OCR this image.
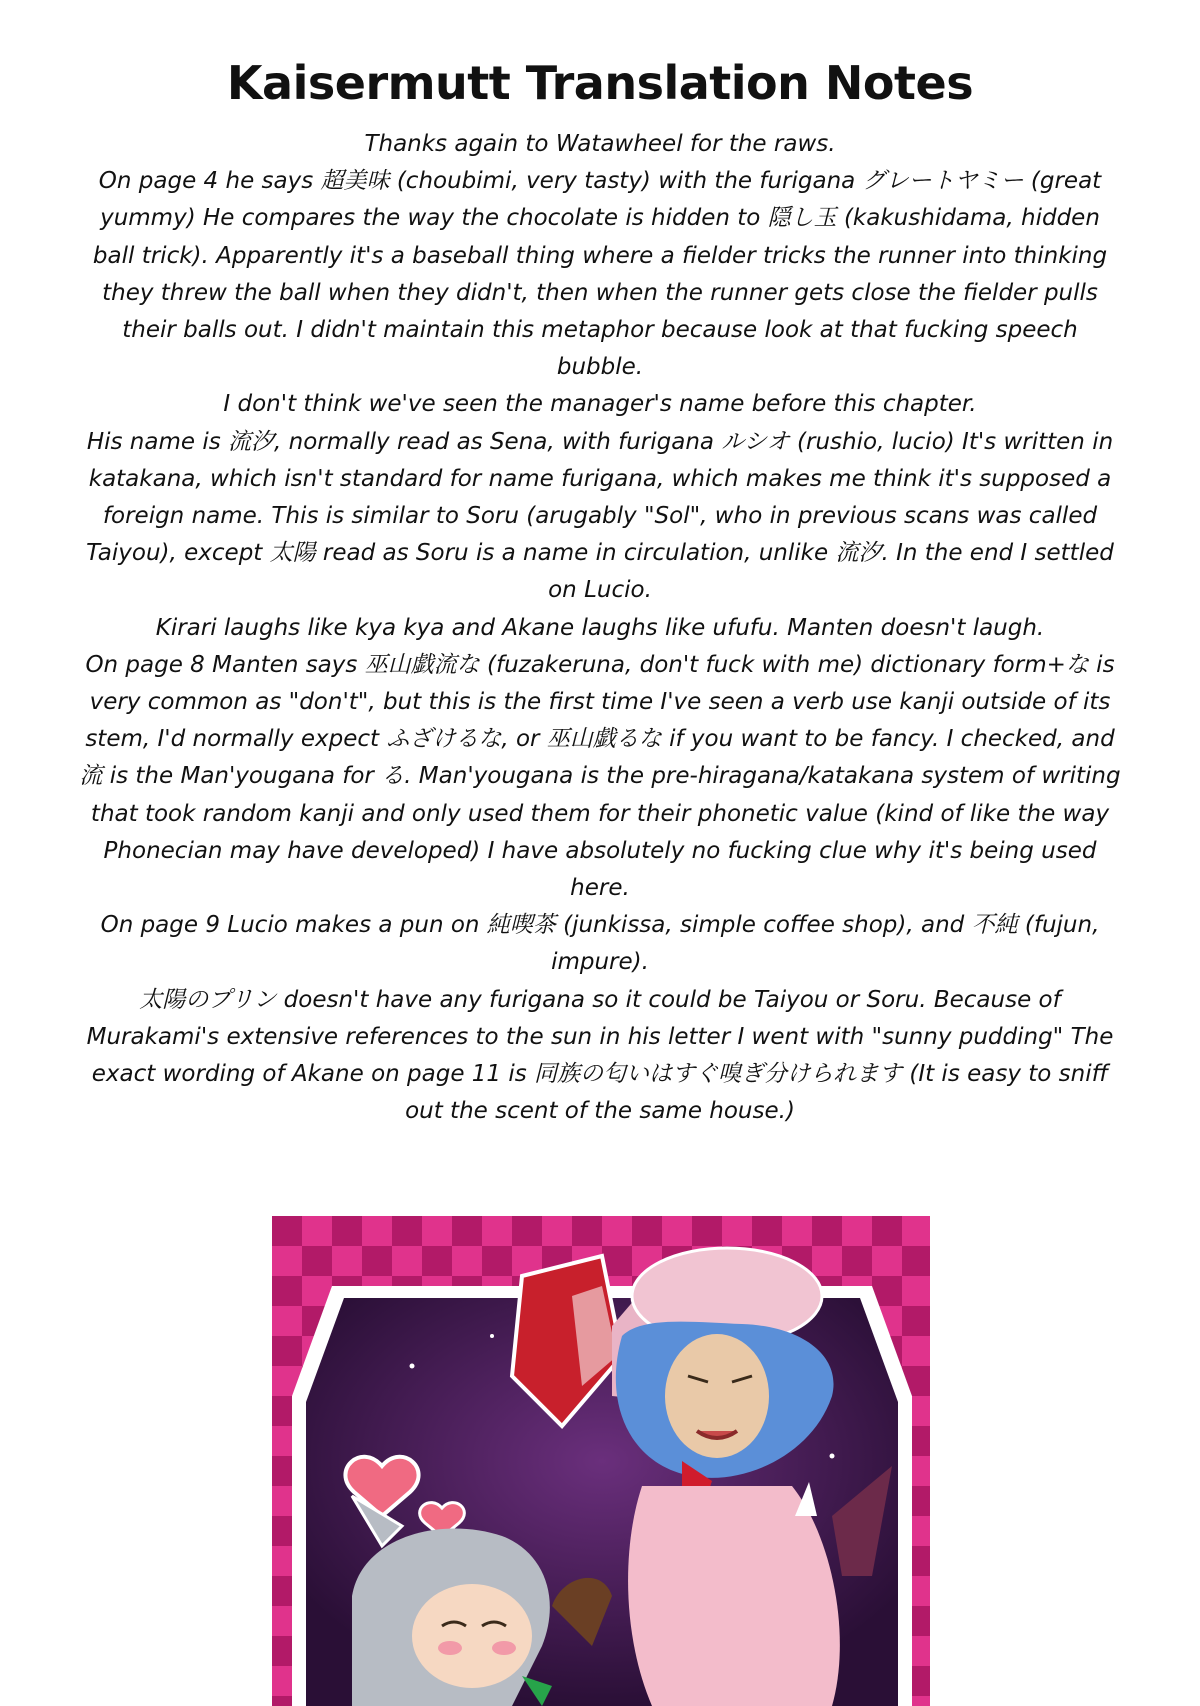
Kaisermutt Translation Notes

Thanks again to Watawheel for the raws.

On page 4 he says 超美味 (choubimi, very tasty) with the furigana グレートヤミー (great yummy) He compares the way the chocolate is hidden to 隠し玉 (kakushidama, hidden ball trick). Apparently it's a baseball thing where a fielder tricks the runner into thinking they threw the ball when they didn't, then when the runner gets close the fielder pulls their balls out. I didn't maintain this metaphor because look at that fucking speech bubble.

I don't think we've seen the manager's name before this chapter.

His name is 流汐, normally read as Sena, with furigana ルシオ (rushio, lucio) It's written in katakana, which isn't standard for name furigana, which makes me think it's supposed a foreign name. This is similar to Soru (arugably "Sol", who in previous scans was called Taiyou), except 太陽 read as Soru is a name in circulation, unlike 流汐. In the end I settled on Lucio.

Kirari laughs like kya kya and Akane laughs like ufufu. Manten doesn't laugh.

On page 8 Manten says 巫山戯流な (fuzakeruna, don't fuck with me) dictionary form+な is very common as "don't", but this is the first time I've seen a verb use kanji outside of its stem, I'd normally expect ふざけるな, or 巫山戯るな if you want to be fancy. I checked, and 流 is the Man'yougana for る. Man'yougana is the pre-hiragana/katakana system of writing that took random kanji and only used them for their phonetic value (kind of like the way Phonecian may have developed) I have absolutely no fucking clue why it's being used here.

On page 9 Lucio makes a pun on 純喫茶 (junkissa, simple coffee shop), and 不純 (fujun, impure).

太陽のプリン doesn't have any furigana so it could be Taiyou or Soru. Because of Murakami's extensive references to the sun in his letter I went with "sunny pudding" The exact wording of Akane on page 11 is 同族の匂いはすぐ嗅ぎ分けられます (It is easy to sniff out the scent of the same house.)
